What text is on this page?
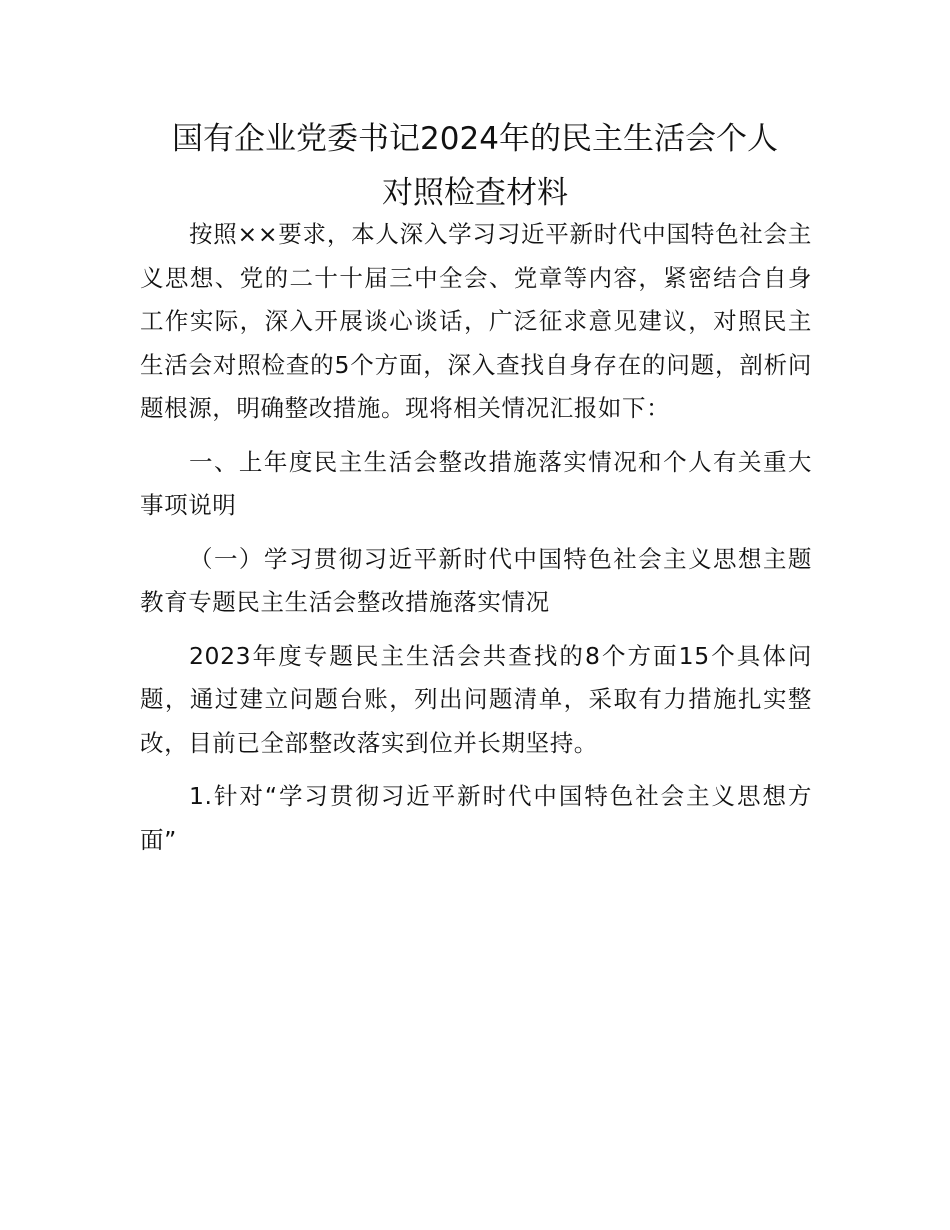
国有企业党委书记2024年的民主生活会个人
对照检查材料

按照××要求，本人深入学习习近平新时代中国特色社会主义思想、党的二十十届三中全会、党章等内容，紧密结合自身工作实际，深入开展谈心谈话，广泛征求意见建议，对照民主生活会对照检查的5个方面，深入查找自身存在的问题，剖析问题根源，明确整改措施。现将相关情况汇报如下：

一、上年度民主生活会整改措施落实情况和个人有关重大事项说明

（一）学习贯彻习近平新时代中国特色社会主义思想主题教育专题民主生活会整改措施落实情况

2023年度专题民主生活会共查找的8个方面15个具体问题，通过建立问题台账，列出问题清单，采取有力措施扎实整改，目前已全部整改落实到位并长期坚持。

1.针对“学习贯彻习近平新时代中国特色社会主义思想方面”
